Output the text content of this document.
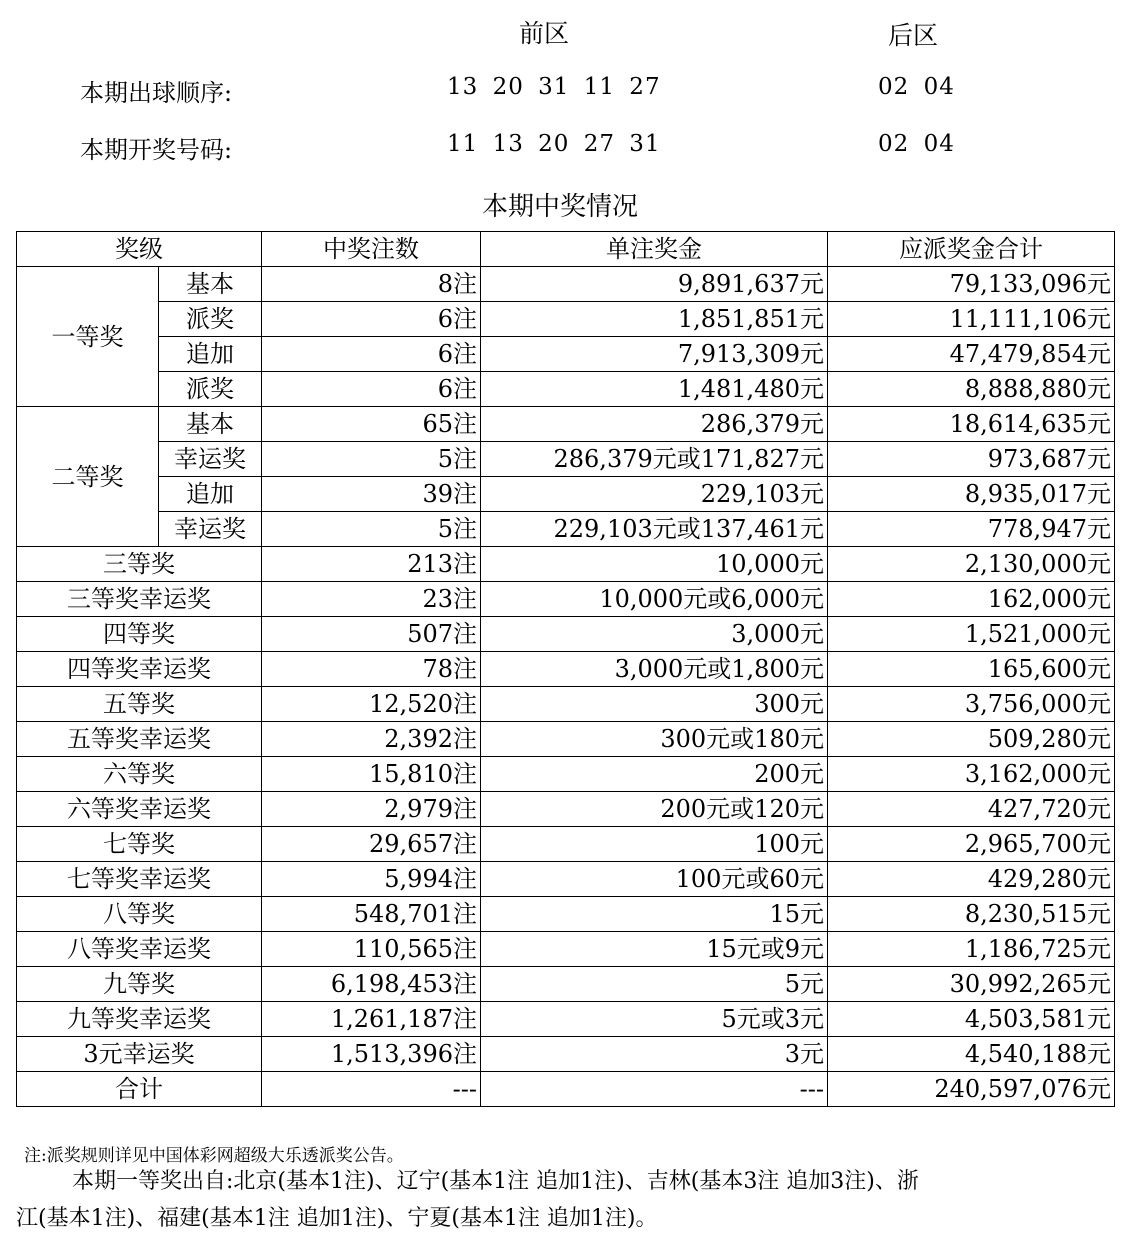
前区	后区
本期出球顺序:	13 20 31 11 27	02 04
本期开奖号码:	11 13 20 27 31	02 04
本期中奖情况
奖级		中奖注数	单注奖金	应派奖金合计
一等奖	基本	8注	9,891,637元	79,133,096元
	派奖	6注	1,851,851元	11,111,106元
	追加	6注	7,913,309元	47,479,854元
	派奖	6注	1,481,480元	8,888,880元
二等奖	基本	65注	286,379元	18,614,635元
	幸运奖	5注	286,379元或171,827元	973,687元
	追加	39注	229,103元	8,935,017元
	幸运奖	5注	229,103元或137,461元	778,947元
三等奖		213注	10,000元	2,130,000元
三等奖幸运奖		23注	10,000元或6,000元	162,000元
四等奖		507注	3,000元	1,521,000元
四等奖幸运奖		78注	3,000元或1,800元	165,600元
五等奖		12,520注	300元	3,756,000元
五等奖幸运奖		2,392注	300元或180元	509,280元
六等奖		15,810注	200元	3,162,000元
六等奖幸运奖		2,979注	200元或120元	427,720元
七等奖		29,657注	100元	2,965,700元
七等奖幸运奖		5,994注	100元或60元	429,280元
八等奖		548,701注	15元	8,230,515元
八等奖幸运奖		110,565注	15元或9元	1,186,725元
九等奖		6,198,453注	5元	30,992,265元
九等奖幸运奖		1,261,187注	5元或3元	4,503,581元
3元幸运奖		1,513,396注	3元	4,540,188元
合计		---	---	240,597,076元
注:派奖规则详见中国体彩网超级大乐透派奖公告。
本期一等奖出自:北京(基本1注)、辽宁(基本1注 追加1注)、吉林(基本3注 追加3注)、浙
江(基本1注)、福建(基本1注 追加1注)、宁夏(基本1注 追加1注)。
